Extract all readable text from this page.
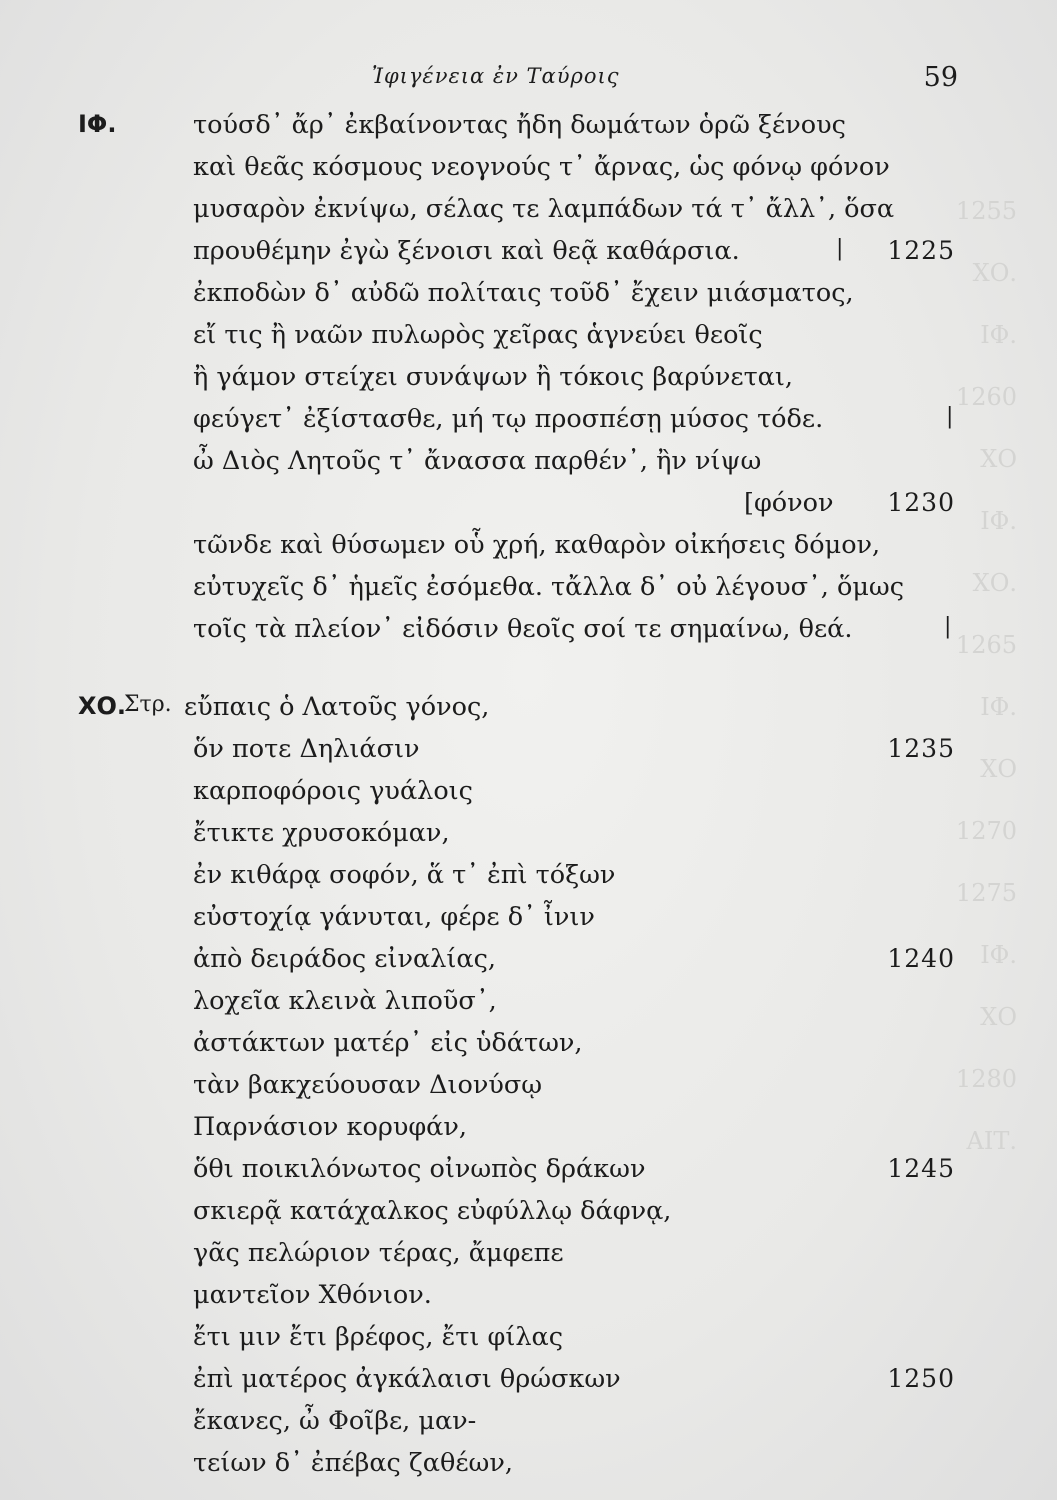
1255
ΧΟ.
ΙΦ.
1260
ΧΟ
ΙΦ.
ΧΟ.
1265
ΙΦ.
ΧΟ
1270
1275
ΙΦ.
ΧΟ
1280
ΑΙΤ.
Ἰφιγένεια ἐν Ταύροις	59
ΙΦ.	τούσδ᾽ ἄρ᾽ ἐκβαίνοντας ἤδη δωμάτων ὁρῶ ξένους
καὶ θεᾶς κόσμους νεογνούς τ᾽ ἄρνας, ὡς φόνῳ φόνον
μυσαρὸν ἐκνίψω, σέλας τε λαμπάδων τά τ᾽ ἄλλ᾽, ὅσα
προυθέμην ἐγὼ ξένοισι καὶ θεᾷ καθάρσια.	| 1225
ἐκποδὼν δ᾽ αὐδῶ πολίταις τοῦδ᾽ ἔχειν μιάσματος,
εἴ τις ἢ ναῶν πυλωρὸς χεῖρας ἁγνεύει θεοῖς
ἢ γάμον στείχει συνάψων ἢ τόκοις βαρύνεται,
φεύγετ᾽ ἐξίστασθε, μή τῳ προσπέσῃ μύσος τόδε.	|
ὦ Διὸς Λητοῦς τ᾽ ἄνασσα παρθέν᾽, ἢν νίψω
[φόνον 1230
τῶνδε καὶ θύσωμεν οὗ χρή, καθαρὸν οἰκήσεις δόμον,
εὐτυχεῖς δ᾽ ἡμεῖς ἐσόμεθα. τἄλλα δ᾽ οὐ λέγουσ᾽, ὅμως
τοῖς τὰ πλείον᾽ εἰδόσιν θεοῖς σοί τε σημαίνω, θεά.	|
ΧΟ.
Στρ. εὔπαις ὁ Λατοῦς γόνος,
ὅν ποτε Δηλιάσιν	1235
καρποφόροις γυάλοις
ἔτικτε χρυσοκόμαν,
ἐν κιθάρᾳ σοφόν, ἅ τ᾽ ἐπὶ τόξων
εὐστοχίᾳ γάνυται, φέρε δ᾽ ἶνιν
ἀπὸ δειράδος εἰναλίας,	1240
λοχεῖα κλεινὰ λιποῦσ᾽,
ἀστάκτων ματέρ᾽ εἰς ὑδάτων,
τὰν βακχεύουσαν Διονύσῳ
Παρνάσιον κορυφάν,
ὅθι ποικιλόνωτος οἰνωπὸς δράκων	1245
σκιερᾷ κατάχαλκος εὐφύλλῳ δάφνᾳ,
γᾶς πελώριον τέρας, ἄμφεπε
μαντεῖον Χθόνιον.
ἔτι μιν ἔτι βρέφος, ἔτι φίλας
ἐπὶ ματέρος ἀγκάλαισι θρώσκων	1250
ἔκανες, ὦ Φοῖβε, μαν-
τείων δ᾽ ἐπέβας ζαθέων,
